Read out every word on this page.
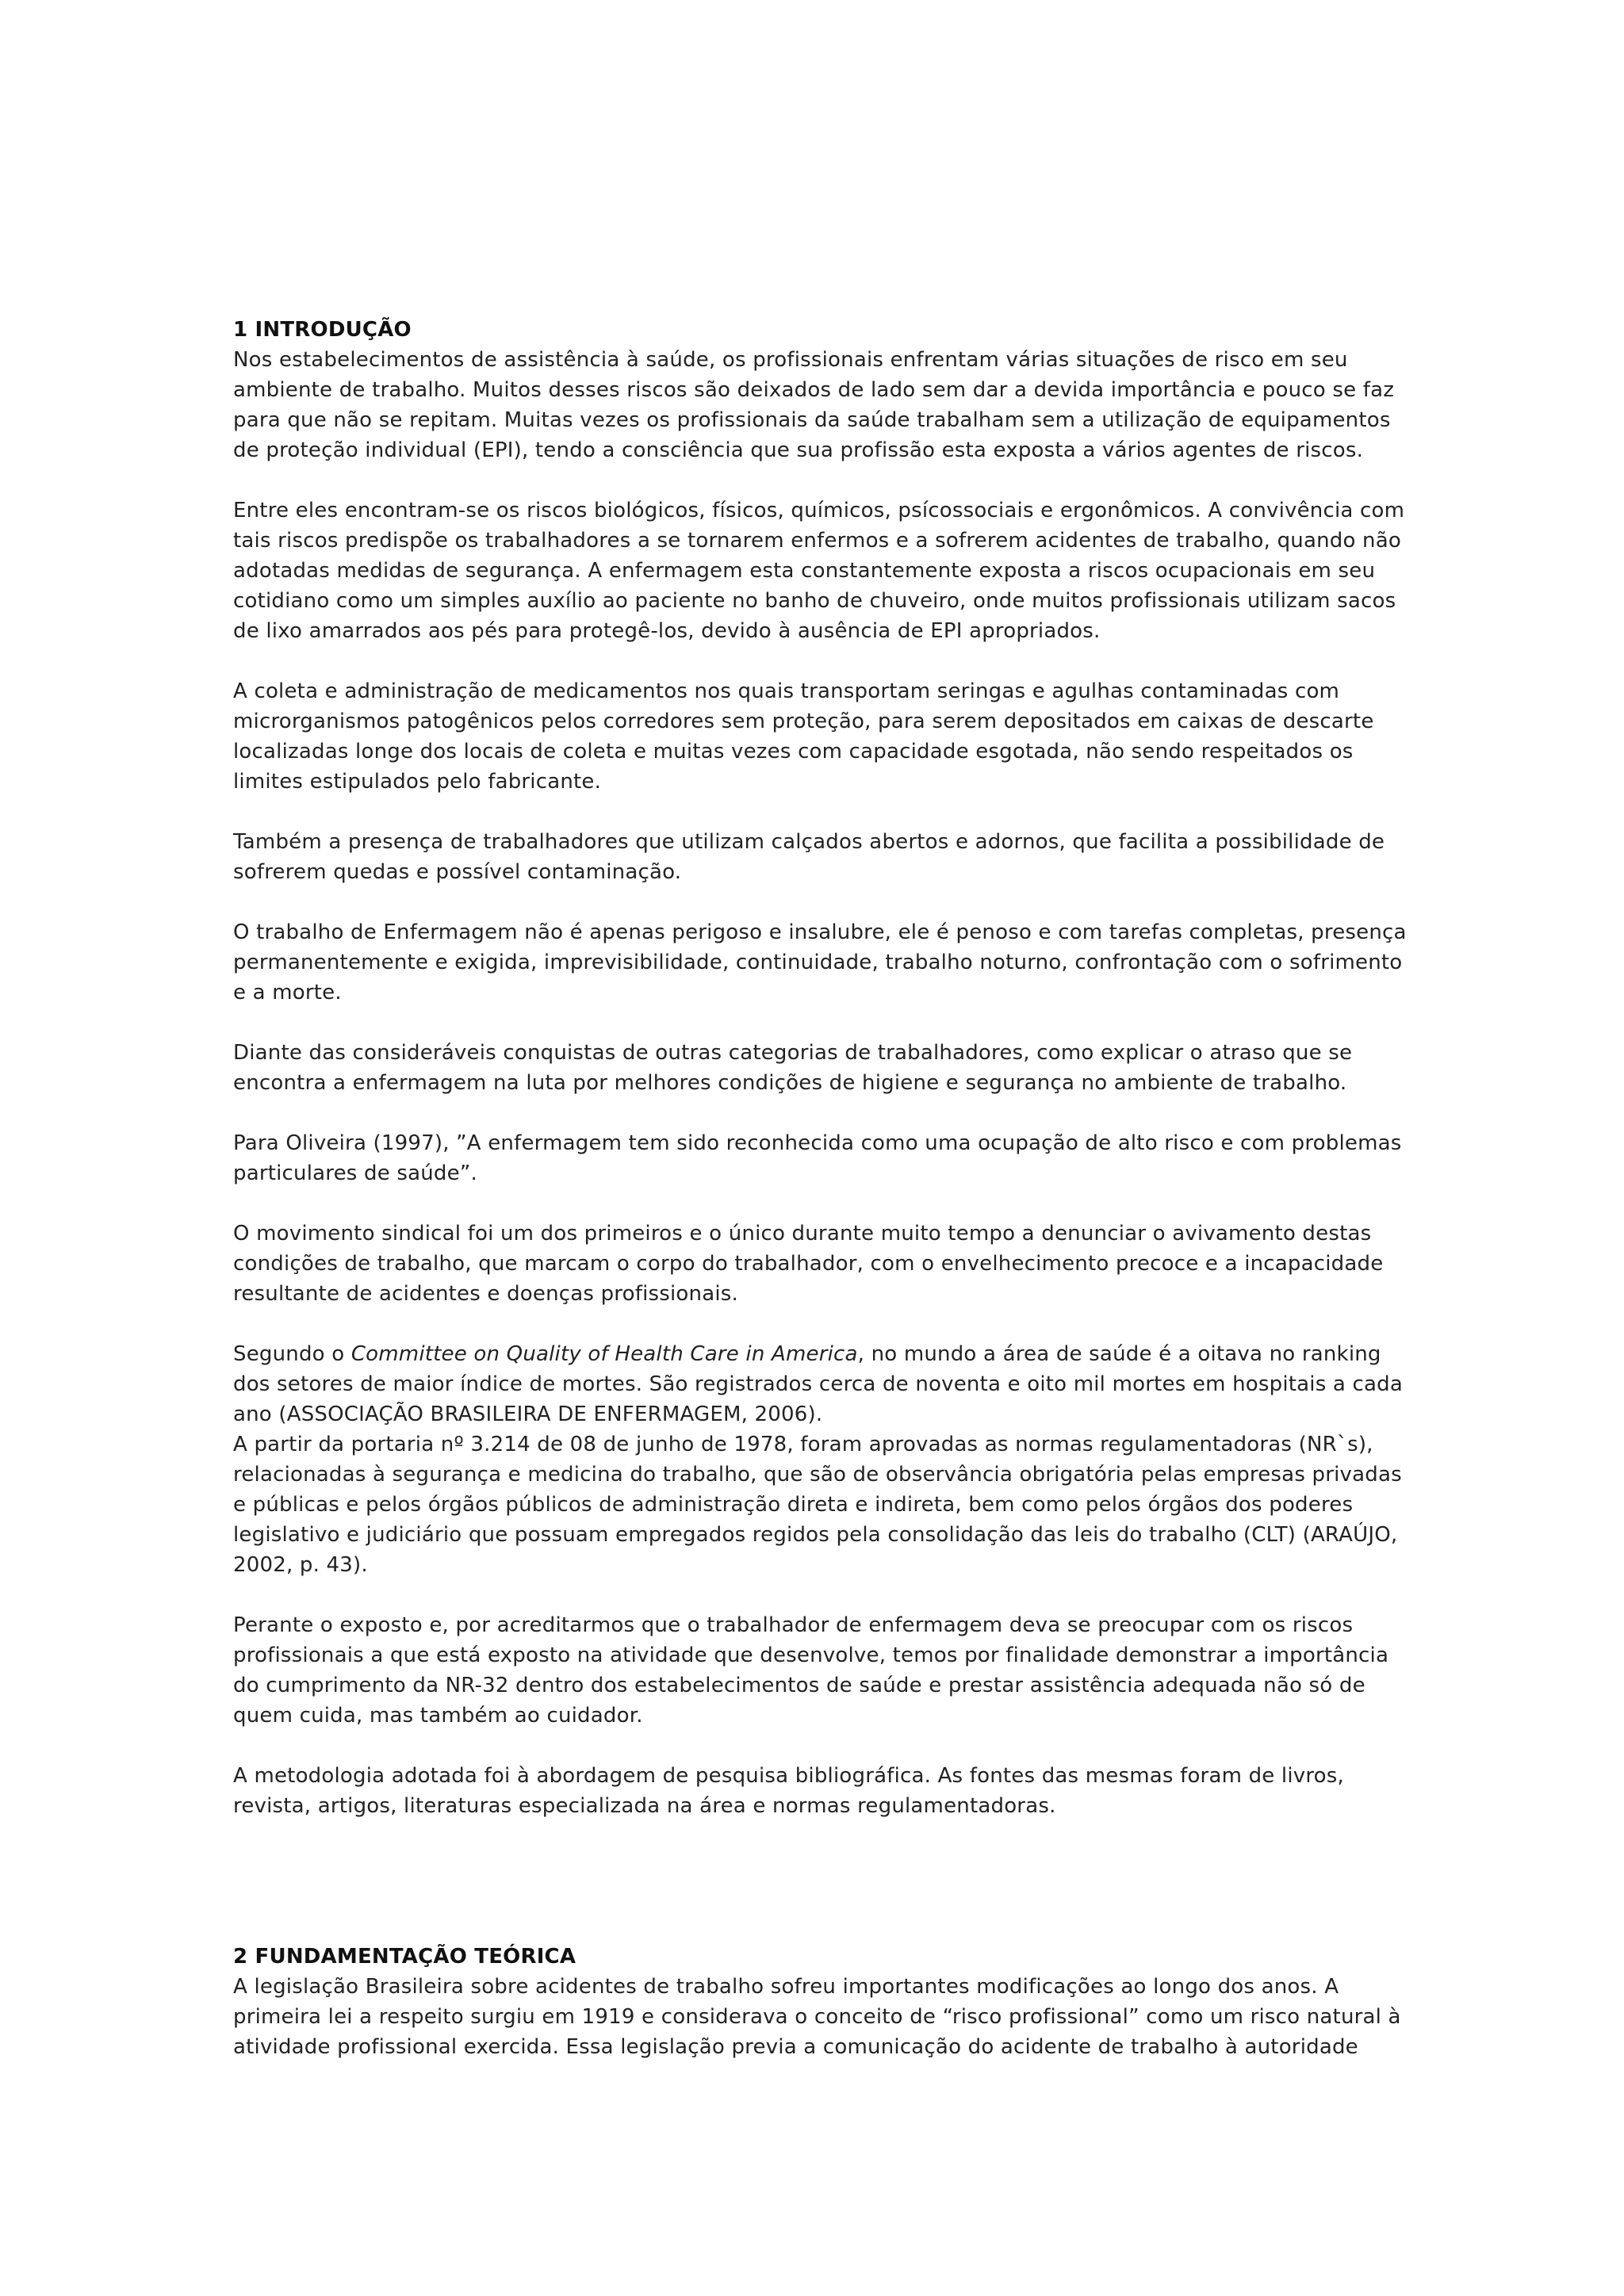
1 INTRODUÇÃO

Nos estabelecimentos de assistência à saúde, os profissionais enfrentam várias situações de risco em seu ambiente de trabalho. Muitos desses riscos são deixados de lado sem dar a devida importância e pouco se faz para que não se repitam. Muitas vezes os profissionais da saúde trabalham sem a utilização de equipamentos de proteção individual (EPI), tendo a consciência que sua profissão esta exposta a vários agentes de riscos.

Entre eles encontram-se os riscos biológicos, físicos, químicos, psícossociais e ergonômicos. A convivência com tais riscos predispõe os trabalhadores a se tornarem enfermos e a sofrerem acidentes de trabalho, quando não adotadas medidas de segurança. A enfermagem esta constantemente exposta a riscos ocupacionais em seu cotidiano como um simples auxílio ao paciente no banho de chuveiro, onde muitos profissionais utilizam sacos de lixo amarrados aos pés para protegê-los, devido à ausência de EPI apropriados.

A coleta e administração de medicamentos nos quais transportam seringas e agulhas contaminadas com microrganismos patogênicos pelos corredores sem proteção, para serem depositados em caixas de descarte localizadas longe dos locais de coleta e muitas vezes com capacidade esgotada, não sendo respeitados os limites estipulados pelo fabricante.

Também a presença de trabalhadores que utilizam calçados abertos e adornos, que facilita a possibilidade de sofrerem quedas e possível contaminação.

O trabalho de Enfermagem não é apenas perigoso e insalubre, ele é penoso e com tarefas completas, presença permanentemente e exigida, imprevisibilidade, continuidade, trabalho noturno, confrontação com o sofrimento e a morte.

Diante das consideráveis conquistas de outras categorias de trabalhadores, como explicar o atraso que se encontra a enfermagem na luta por melhores condições de higiene e segurança no ambiente de trabalho.

Para Oliveira (1997), ”A enfermagem tem sido reconhecida como uma ocupação de alto risco e com problemas particulares de saúde”.

O movimento sindical foi um dos primeiros e o único durante muito tempo a denunciar o avivamento destas condições de trabalho, que marcam o corpo do trabalhador, com o envelhecimento precoce e a incapacidade resultante de acidentes e doenças profissionais.

Segundo o Committee on Quality of Health Care in America, no mundo a área de saúde é a oitava no ranking dos setores de maior índice de mortes. São registrados cerca de noventa e oito mil mortes em hospitais a cada ano (ASSOCIAÇÃO BRASILEIRA DE ENFERMAGEM, 2006).

A partir da portaria nº 3.214 de 08 de junho de 1978, foram aprovadas as normas regulamentadoras (NR`s), relacionadas à segurança e medicina do trabalho, que são de observância obrigatória pelas empresas privadas e públicas e pelos órgãos públicos de administração direta e indireta, bem como pelos órgãos dos poderes legislativo e judiciário que possuam empregados regidos pela consolidação das leis do trabalho (CLT) (ARAÚJO, 2002, p. 43).

Perante o exposto e, por acreditarmos que o trabalhador de enfermagem deva se preocupar com os riscos profissionais a que está exposto na atividade que desenvolve, temos por finalidade demonstrar a importância do cumprimento da NR-32 dentro dos estabelecimentos de saúde e prestar assistência adequada não só de quem cuida, mas também ao cuidador.

A metodologia adotada foi à abordagem de pesquisa bibliográfica. As fontes das mesmas foram de livros, revista, artigos, literaturas especializada na área e normas regulamentadoras.

2 FUNDAMENTAÇÃO TEÓRICA

A legislação Brasileira sobre acidentes de trabalho sofreu importantes modificações ao longo dos anos. A primeira lei a respeito surgiu em 1919 e considerava o conceito de “risco profissional” como um risco natural à atividade profissional exercida. Essa legislação previa a comunicação do acidente de trabalho à autoridade
